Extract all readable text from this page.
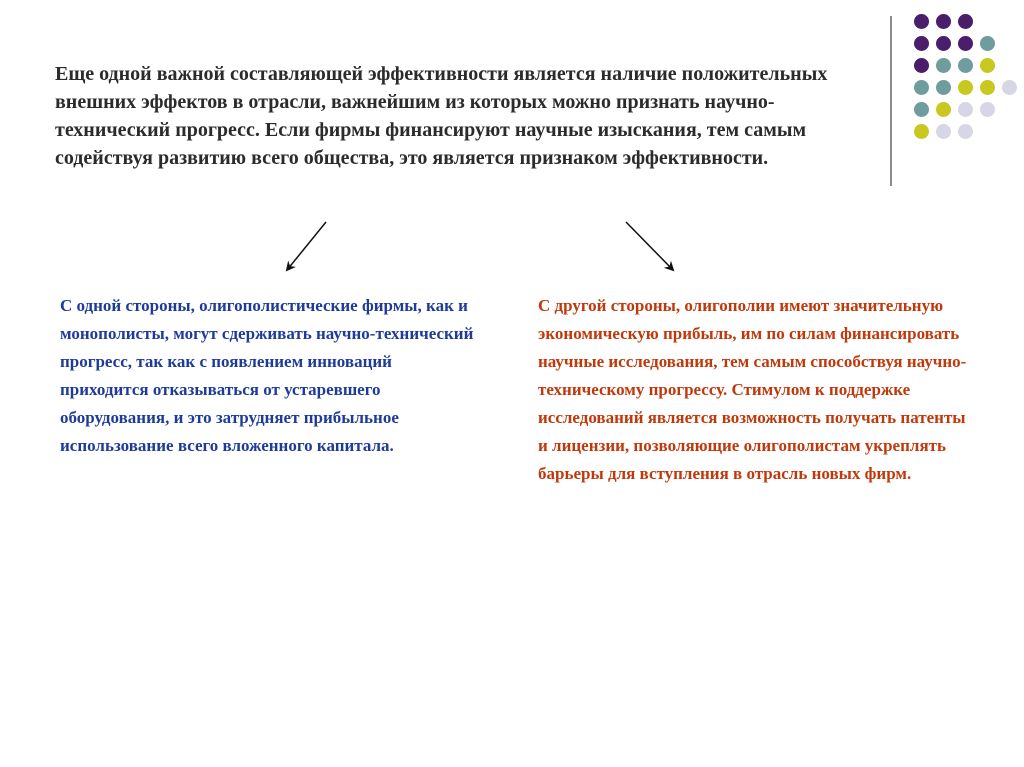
Еще одной важной составляющей эффективности является наличие положительных внешних эффектов в отрасли, важнейшим из которых можно признать научно-технический прогресс. Если фирмы финансируют научные изыскания, тем самым содействуя развитию всего общества, это является признаком эффективности.

С одной стороны, олигополистические фирмы, как и монополисты, могут сдерживать научно-технический прогресс, так как с появлением инноваций приходится отказываться от устаревшего оборудования, и это затрудняет прибыльное использование всего вложенного капитала.

С другой стороны, олигополии имеют значительную экономическую прибыль, им по силам финансировать научные исследования, тем самым способствуя научно-техническому прогрессу. Стимулом к поддержке исследований является возможность получать патенты и лицензии, позволяющие олигополистам укреплять барьеры для вступления в отрасль новых фирм.
